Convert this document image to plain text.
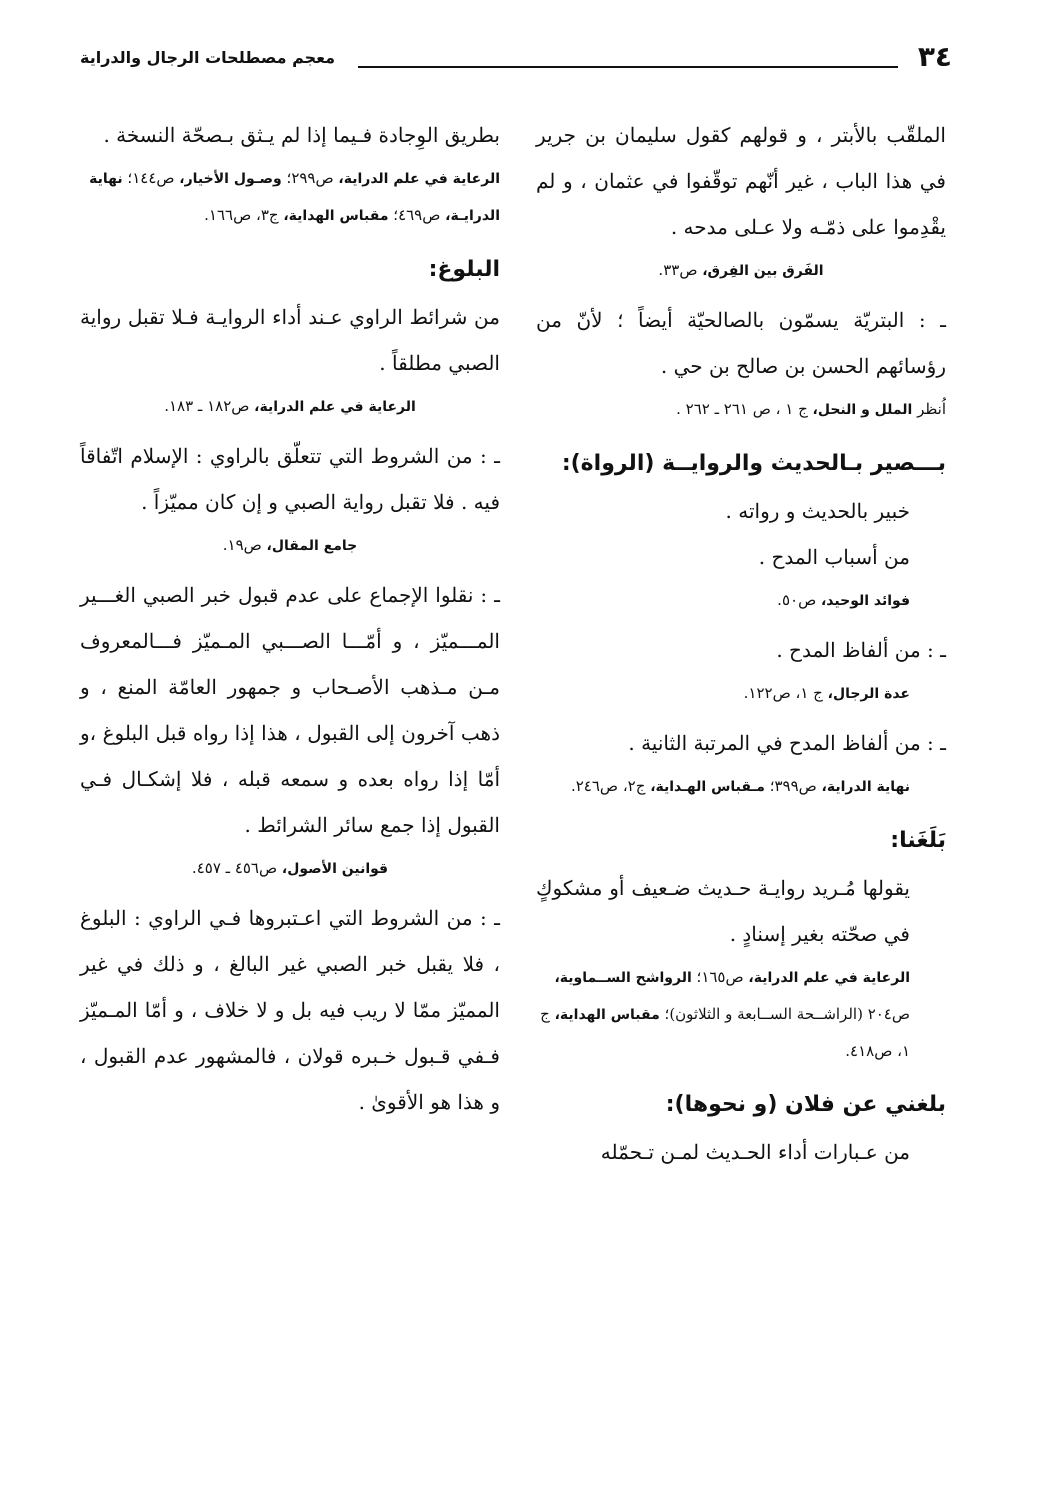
٣٤
معجم مصطلحات الرجال والدراية

الملقّب بالأبتر ، و قولهم كقول سليمان بن جرير في هذا الباب ، غير أنّهم توقّفوا في عثمان ، و لم يقْدِموا على ذمّـه ولا عـلى مدحه .

الفَرق بين الفِرق، ص٣٣.

ـ : البتريّة يسمّون بالصالحيّة أيضاً ؛ لأنّ من رؤسائهم الحسن بن صالح بن حي .

اُنظر الملل و النحل، ج ١ ، ص ٢٦١ ـ ٢٦٢ .
بـــصير بـالحديث والروايــة (الرواة):

خبير بالحديث و رواته .

من أسباب المدح .

فوائد الوحيد، ص٥٠.

ـ : من ألفاظ المدح .

عدة الرجال، ج ١، ص١٢٢.

ـ : من ألفاظ المدح في المرتبة الثانية .

نهاية الدراية، ص٣٩٩؛ مـقباس الهـداية، ج٢، ص٢٤٦.
بَلَغَنا:

يقولها مُـريد روايـة حـديث ضـعيف أو مشكوكٍ في صحّته بغير إسنادٍ .

الرعاية في علم الدراية، ص١٦٥؛ الرواشح الســماوية، ص٢٠٤ (الراشــحة الســابعة و الثلاثون)؛ مقباس الهداية، ج ١، ص٤١٨.
بلغني عن فلان (و نحوها):

من عـبارات أداء الحـديث لمـن تـحمّله

بطريق الوِجادة فـيما إذا لم يـثق بـصحّة النسخة .

الرعاية في علم الدراية، ص٢٩٩؛ وصـول الأخيار، ص١٤٤؛ نهاية الدرايـة، ص٤٦٩؛ مقباس الهداية، ج٣، ص١٦٦.
البلوغ:

من شرائط الراوي عـند أداء الروايـة فـلا تقبل رواية الصبي مطلقاً .

الرعاية في علم الدراية، ص١٨٢ ـ ١٨٣.

ـ : من الشروط التي تتعلّق بالراوي : الإسلام اتّفاقاً فيه . فلا تقبل رواية الصبي و إن كان مميّزاً .

جامع المقال، ص١٩.

ـ : نقلوا الإجماع على عدم قبول خبر الصبي الغـــير المـــميّز ، و أمّـــا الصـــبي المـميّز فـــالمعروف مـن مـذهب الأصـحاب و جمهور العامّة المنع ، و ذهب آخرون إلى القبول ، هذا إذا رواه قبل البلوغ ،و أمّا إذا رواه بعده و سمعه قبله ، فلا إشكـال فـي القبول إذا جمع سائر الشرائط .

قوانين الأصول، ص٤٥٦ ـ ٤٥٧.

ـ : من الشروط التي اعـتبروها فـي الراوي : البلوغ ، فلا يقبل خبر الصبي غير البالغ ، و ذلك في غير المميّز ممّا لا ريب فيه بل و لا خلاف ، و أمّا المـميّز فـفي قـبول خـبره قولان ، فالمشهور عدم القبول ، و هذا هو الأقوىٰ .
